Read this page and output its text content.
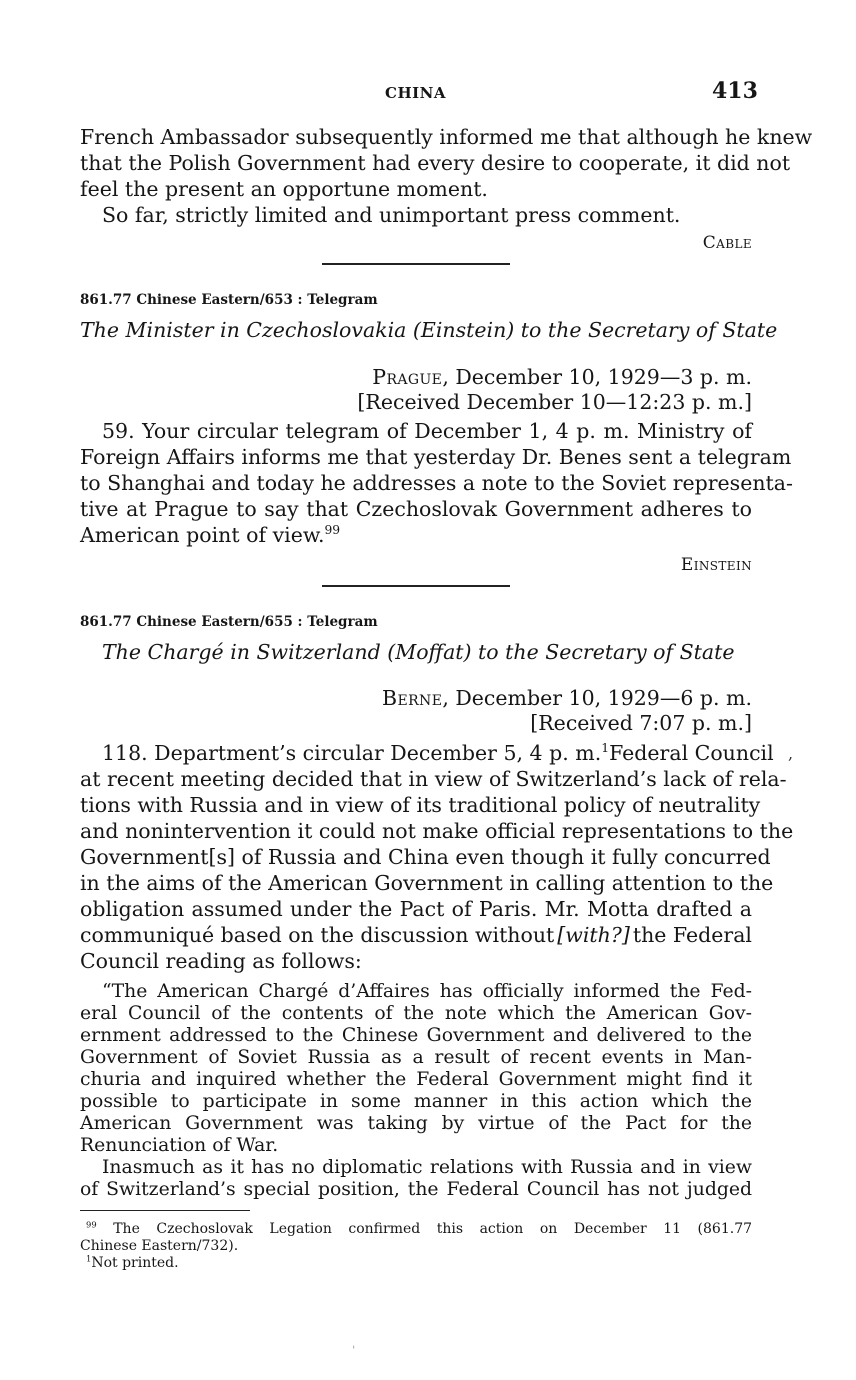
CHINA	413
French Ambassador subsequently informed me that although he knew
that the Polish Government had every desire to cooperate, it did not
feel the present an opportune moment.
So far, strictly limited and unimportant press comment.
Cable
861.77 Chinese Eastern/653 : Telegram
The Minister in Czechoslovakia (Einstein) to the Secretary of State
Prague, December 10, 1929—3 p. m.
[Received December 10—12:23 p. m.]
59. Your circular telegram of December 1, 4 p. m. Ministry of
Foreign Affairs informs me that yesterday Dr. Benes sent a telegram
to Shanghai and today he addresses a note to the Soviet representa-
tive at Prague to say that Czechoslovak Government adheres to
American point of view.$^{99}$
Einstein
861.77 Chinese Eastern/655 : Telegram
The Chargé in Switzerland (Moffat) to the Secretary of State
Berne, December 10, 1929—6 p. m.
[Received 7:07 p. m.]
118. Department’s circular December 5, 4 p. m.$^1$ Federal Council
at recent meeting decided that in view of Switzerland’s lack of rela-
tions with Russia and in view of its traditional policy of neutrality
and nonintervention it could not make official representations to the
Government[s] of Russia and China even though it fully concurred
in the aims of the American Government in calling attention to the
obligation assumed under the Pact of Paris. Mr. Motta drafted a
communiqué based on the discussion without [with?] the Federal
Council reading as follows:
“The American Chargé d’Affaires has officially informed the Fed-
eral Council of the contents of the note which the American Gov-
ernment addressed to the Chinese Government and delivered to the
Government of Soviet Russia as a result of recent events in Man-
churia and inquired whether the Federal Government might find it
possible to participate in some manner in this action which the
American Government was taking by virtue of the Pact for the
Renunciation of War.
Inasmuch as it has no diplomatic relations with Russia and in view
of Switzerland’s special position, the Federal Council has not judged
$^{99}$ The Czechoslovak Legation confirmed this action on December 11 (861.77
Chinese Eastern/732).
$^1$Not printed.
,
ˈ
